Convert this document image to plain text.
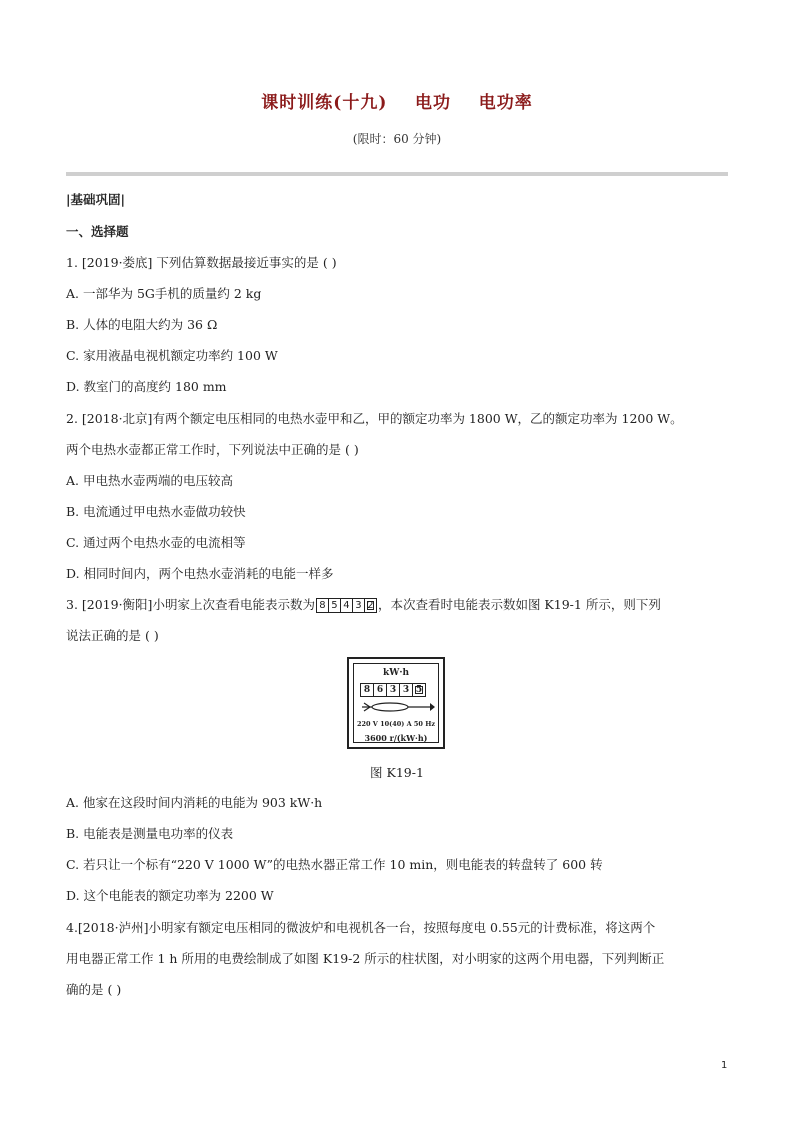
课时训练(十九)    电功    电功率
(限时：60 分钟)
|基础巩固|
一、选择题
1. [2019·娄底] 下列估算数据最接近事实的是 ( )
A. 一部华为 5G手机的质量约 2 kg
B. 人体的电阻大约为 36 Ω
C. 家用液晶电视机额定功率约 100 W
D. 教室门的高度约 180 mm
2. [2018·北京]有两个额定电压相同的电热水壶甲和乙，甲的额定功率为 1800 W，乙的额定功率为 1200 W。
两个电热水壶都正常工作时，下列说法中正确的是 ( )
A. 甲电热水壶两端的电压较高
B. 电流通过甲电热水壶做功较快
C. 通过两个电热水壶的电流相等
D. 相同时间内，两个电热水壶消耗的电能一样多
3. [2019·衡阳]小明家上次查看电能表示数为 8 5 4 3 2 ，本次查看时电能表示数如图 K19-1 所示，则下列
说法正确的是 ( )
kW·h
8 6 3 3 5
220 V 10(40) A 50 Hz
3600 r/(kW·h)
图 K19-1
A. 他家在这段时间内消耗的电能为 903 kW·h
B. 电能表是测量电功率的仪表
C. 若只让一个标有“220 V 1000 W”的电热水器正常工作 10 min，则电能表的转盘转了 600 转
D. 这个电能表的额定功率为 2200 W
4.[2018·泸州]小明家有额定电压相同的微波炉和电视机各一台，按照每度电 0.55元的计费标准，将这两个
用电器正常工作 1 h 所用的电费绘制成了如图 K19-2 所示的柱状图，对小明家的这两个用电器，下列判断正
确的是 ( )
1
